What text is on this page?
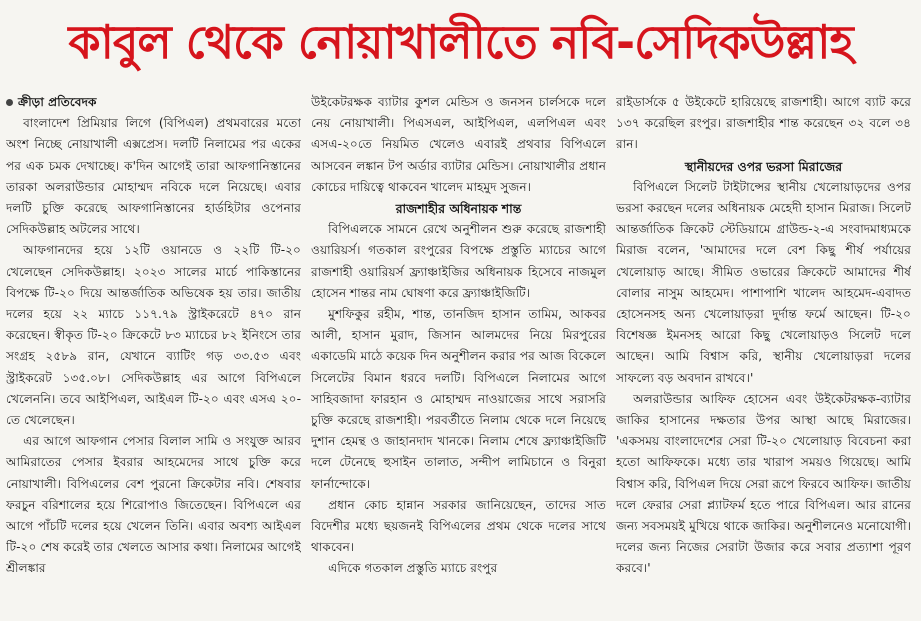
কাবুল থেকে নোয়াখালীতে নবি-সেদিকউল্লাহ
ক্রীড়া প্রতিবেদক

বাংলাদেশ প্রিমিয়ার লিগে (বিপিএল) প্রথমবারের মতো অংশ নিচ্ছে নোয়াখালী এক্সপ্রেস। দলটি নিলামের পর একের পর এক চমক দেখাচ্ছে। ক'দিন আগেই তারা আফগানিস্তানের তারকা অলরাউন্ডার মোহাম্মদ নবিকে দলে নিয়েছে। এবার দলটি চুক্তি করেছে আফগানিস্তানের হার্ডহিটার ওপেনার সেদিকউল্লাহ অটলের সাথে।

আফগানদের হয়ে ১২টি ওয়ানডে ও ২২টি টি-২০ খেলেছেন সেদিকউল্লাহ। ২০২৩ সালের মার্চে পাকিস্তানের বিপক্ষে টি-২০ দিয়ে আন্তর্জাতিক অভিষেক হয় তার। জাতীয় দলের হয়ে ২২ ম্যাচে ১১৭.৭৯ স্ট্রাইকরেটে ৪৭০ রান করেছেন। স্বীকৃত টি-২০ ক্রিকেটে ৮৩ ম্যাচের ৮২ ইনিংসে তার সংগ্রহ ২৫৮৯ রান, যেখানে ব্যাটিং গড় ৩৩.৫৩ এবং স্ট্রাইকরেট ১৩৫.০৮। সেদিকউল্লাহ এর আগে বিপিএলে খেলেননি। তবে আইপিএল, আইএল টি-২০ এবং এসএ ২০-তে খেলেছেন।

এর আগে আফগান পেসার বিলাল সামি ও সংযুক্ত আরব আমিরাতের পেসার ইবরার আহমেদের সাথে চুক্তি করে নোয়াখালী। বিপিএলের বেশ পুরনো ক্রিকেটার নবি। শেষবার ফরচুন বরিশালের হয়ে শিরোপাও জিতেছেন। বিপিএলে এর আগে পাঁচটি দলের হয়ে খেলেন তিনি। এবার অবশ্য আইএল টি-২০ শেষ করেই তার খেলতে আসার কথা। নিলামের আগেই শ্রীলঙ্কার

উইকেটরক্ষক ব্যাটার কুশল মেন্ডিস ও জনসন চার্লসকে দলে নেয় নোয়াখালী। পিএসএল, আইপিএল, এলপিএল এবং এসএ-২০তে নিয়মিত খেলেও এবারই প্রথবার বিপিএলে আসবেন লঙ্কান টপ অর্ডার ব্যাটার মেন্ডিস। নোয়াখালীর প্রধান কোচের দায়িত্বে থাকবেন খালেদ মাহমুদ সুজন।

রাজশাহীর অধিনায়ক শান্ত

বিপিএলকে সামনে রেখে অনুশীলন শুরু করেছে রাজশাহী ওয়ারিয়র্স। গতকাল রংপুরের বিপক্ষে প্রস্তুতি ম্যাচের আগে রাজশাহী ওয়ারিয়র্স ফ্র্যাঞ্চাইজির অধিনায়ক হিসেবে নাজমুল হোসেন শান্তর নাম ঘোষণা করে ফ্র্যাঞ্চাইজিটি।

মুশফিকুর রহীম, শান্ত, তানজিদ হাসান তামিম, আকবর আলী, হাসান মুরাদ, জিসান আলমদের নিয়ে মিরপুরের একাডেমি মাঠে কয়েক দিন অনুশীলন করার পর আজ বিকেলে সিলেটের বিমান ধরবে দলটি। বিপিএলে নিলামের আগে সাহিবজাদা ফারহান ও মোহাম্মদ নাওয়াজের সাথে সরাসরি চুক্তি করেছে রাজশাহী। পরবর্তীতে নিলাম থেকে দলে নিয়েছে দুশান হেমন্থ ও জাহানদাদ খানকে। নিলাম শেষে ফ্র্যাঞ্চাইজিটি দলে টেনেছে হুসাইন তালাত, সন্দীপ লামিচানে ও বিনুরা ফার্নান্দোকে।

প্রধান কোচ হান্নান সরকার জানিয়েছেন, তাদের সাত বিদেশীর মধ্যে ছয়জনই বিপিএলের প্রথম থেকে দলের সাথে থাকবেন।

এদিকে গতকাল প্রস্তুতি ম্যাচে রংপুর

রাইডার্সকে ৫ উইকেটে হারিয়েছে রাজশাহী। আগে ব্যাট করে ১৩৭ করেছিল রংপুর। রাজশাহীর শান্ত করেছেন ৩২ বলে ৩৪ রান।

স্থানীয়দের ওপর ভরসা মিরাজের

বিপিএলে সিলেট টাইটান্সের স্থানীয় খেলোয়াড়দের ওপর ভরসা করছেন দলের অধিনায়ক মেহেদী হাসান মিরাজ। সিলেট আন্তর্জাতিক ক্রিকেট স্টেডিয়ামে গ্রাউন্ড-২-এ সংবাদমাধ্যমকে মিরাজ বলেন, 'আমাদের দলে বেশ কিছু শীর্ষ পর্যায়ের খেলোয়াড় আছে। সীমিত ওভারের ক্রিকেটে আমাদের শীর্ষ বোলার নাসুম আহমেদ। পাশাপাশি খালেদ আহমেদ-এবাদত হোসেনসহ অন্য খেলোয়াড়রা দুর্দান্ত ফর্মে আছেন। টি-২০ বিশেষজ্ঞ ইমনসহ আরো কিছু খেলোয়াড়ও সিলেট দলে আছেন। আমি বিশ্বাস করি, স্থানীয় খেলোয়াড়রা দলের সাফল্যে বড় অবদান রাখবে।'

অলরাউন্ডার আফিফ হোসেন এবং উইকেটরক্ষক-ব্যাটার জাকির হাসানের দক্ষতার উপর আস্থা আছে মিরাজের। 'একসময় বাংলাদেশের সেরা টি-২০ খেলোয়াড় বিবেচনা করা হতো আফিফকে। মধ্যে তার খারাপ সময়ও গিয়েছে। আমি বিশ্বাস করি, বিপিএল দিয়ে সেরা রূপে ফিরবে আফিফ। জাতীয় দলে ফেরার সেরা প্ল্যাটফর্ম হতে পারে বিপিএল। আর রানের জন্য সবসময়ই মুখিয়ে থাকে জাকির। অনুশীলনেও মনোযোগী। দলের জন্য নিজের সেরাটা উজার করে সবার প্রত্যাশা পূরণ করবে।'
